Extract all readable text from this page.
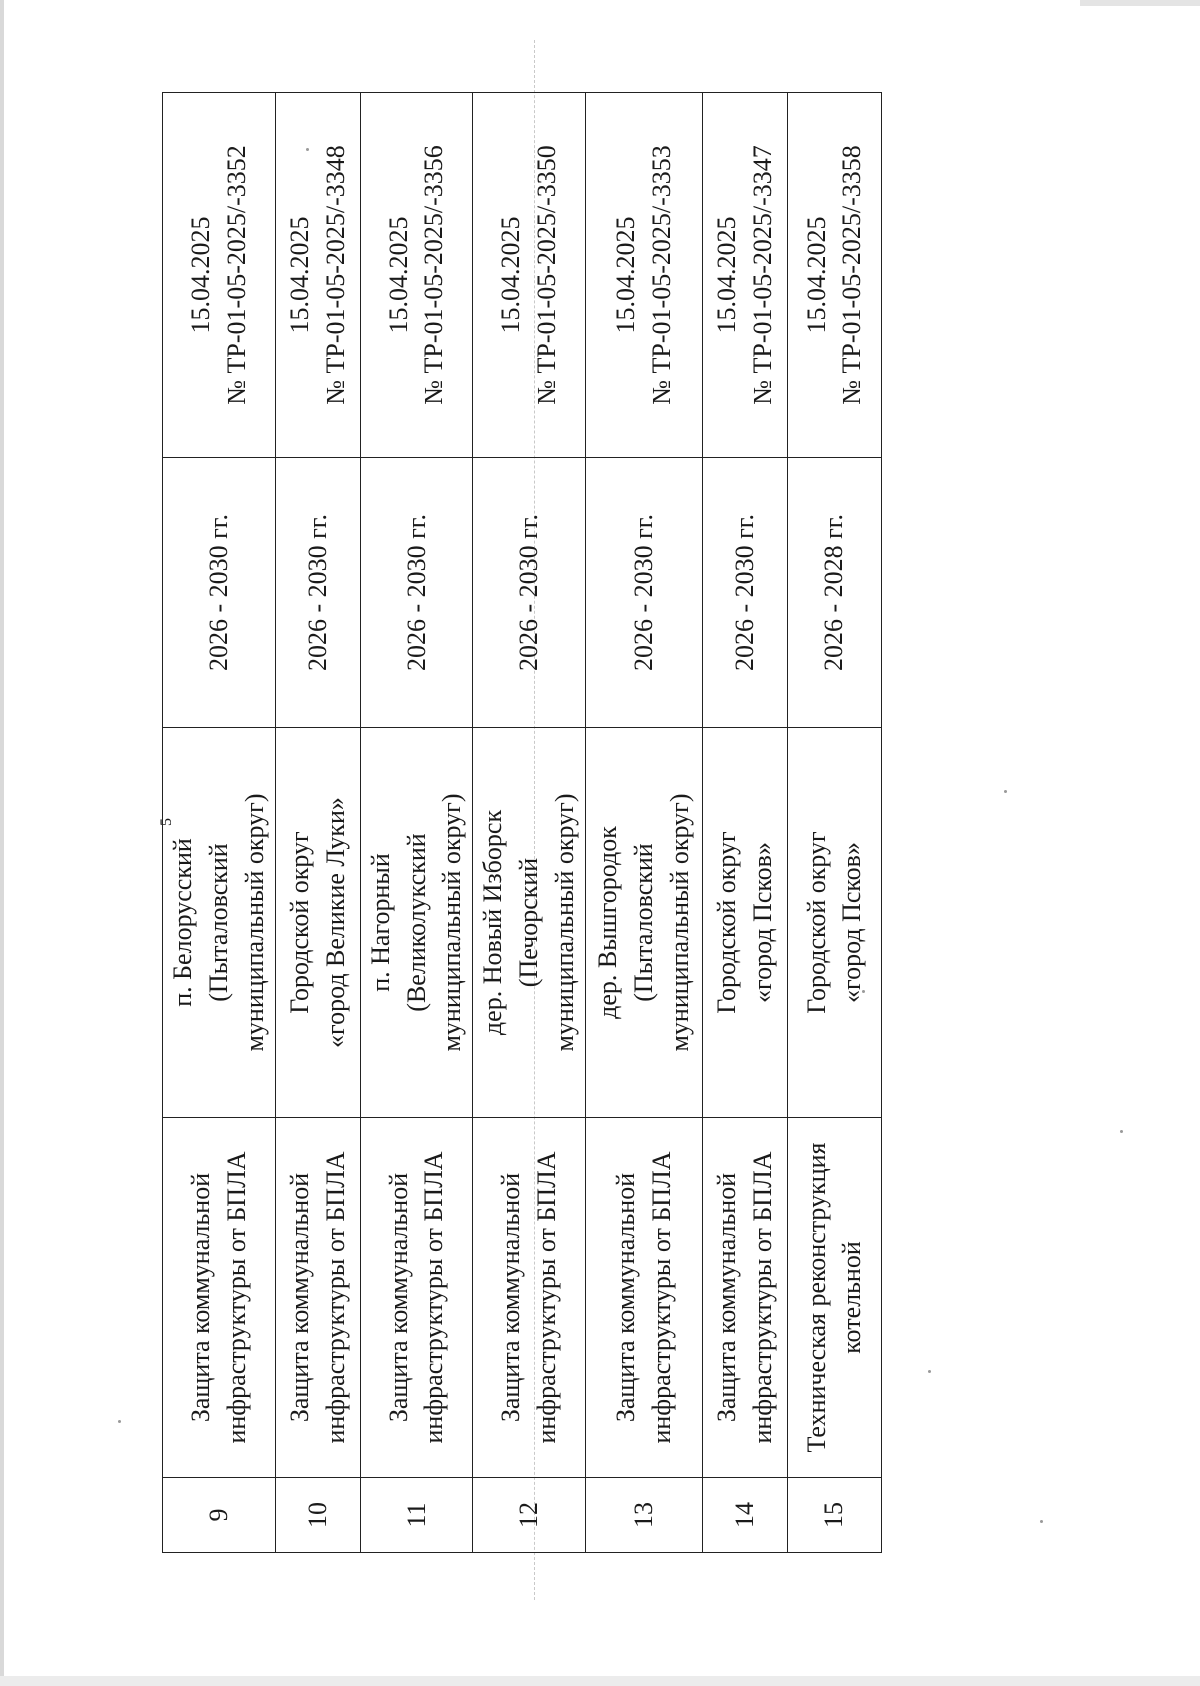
5
9	Защита коммунальной инфраструктуры от БПЛА	п. Белорусский (Пыталовский муниципальный округ)	2026 - 2030 гг.	15.04.2025 № ТР-01-05-2025/-3352

10	Защита коммунальной инфраструктуры от БПЛА	Городской округ «город Великие Луки»	2026 - 2030 гг.	15.04.2025 № ТР-01-05-2025/-3348

11	Защита коммунальной инфраструктуры от БПЛА	п. Нагорный (Великолукский муниципальный округ)	2026 - 2030 гг.	15.04.2025 № ТР-01-05-2025/-3356

12	Защита коммунальной инфраструктуры от БПЛА	дер. Новый Изборск (Печорский муниципальный округ)	2026 - 2030 гг.	15.04.2025 № ТР-01-05-2025/-3350

13	Защита коммунальной инфраструктуры от БПЛА	дер. Вышгородок (Пыталовский муниципальный округ)	2026 - 2030 гг.	15.04.2025 № ТР-01-05-2025/-3353

14	Защита коммунальной инфраструктуры от БПЛА	Городской округ «город Псков»	2026 - 2030 гг.	15.04.2025 № ТР-01-05-2025/-3347

15	Техническая реконструкция котельной	Городской округ «город Псков»	2026 - 2028 гг.	15.04.2025 № ТР-01-05-2025/-3358
